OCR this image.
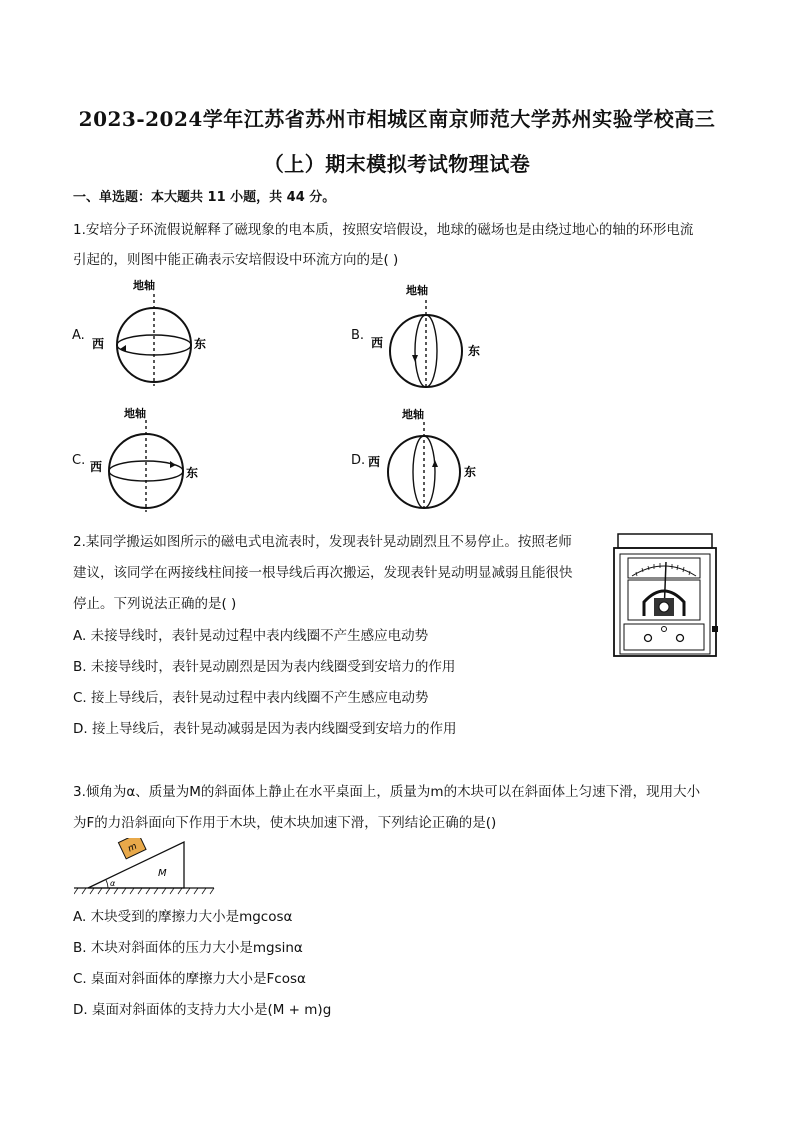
2023-2024学年江苏省苏州市相城区南京师范大学苏州实验学校高三
（上）期末模拟考试物理试卷
一、单选题：本大题共 11 小题，共 44 分。
1.安培分子环流假说解释了磁现象的电本质，按照安培假设，地球的磁场也是由绕过地心的轴的环形电流
引起的，则图中能正确表示安培假设中环流方向的是( )
A.
地轴
西	东
B.
地轴
西
东
C.
地轴
西	东
D.
地轴
西
东
2.某同学搬运如图所示的磁电式电流表时，发现表针晃动剧烈且不易停止。按照老师
建议，该同学在两接线柱间接一根导线后再次搬运，发现表针晃动明显减弱且能很快
停止。下列说法正确的是( )
A. 未接导线时，表针晃动过程中表内线圈不产生感应电动势
B. 未接导线时，表针晃动剧烈是因为表内线圈受到安培力的作用
C. 接上导线后，表针晃动过程中表内线圈不产生感应电动势
D. 接上导线后，表针晃动减弱是因为表内线圈受到安培力的作用
3.倾角为α、质量为M的斜面体上静止在水平桌面上，质量为m的木块可以在斜面体上匀速下滑，现用大小
为F的力沿斜面向下作用于木块，使木块加速下滑，下列结论正确的是()
α
M
m
A. 木块受到的摩擦力大小是mgcosα
B. 木块对斜面体的压力大小是mgsinα
C. 桌面对斜面体的摩擦力大小是Fcosα
D. 桌面对斜面体的支持力大小是(M + m)g
